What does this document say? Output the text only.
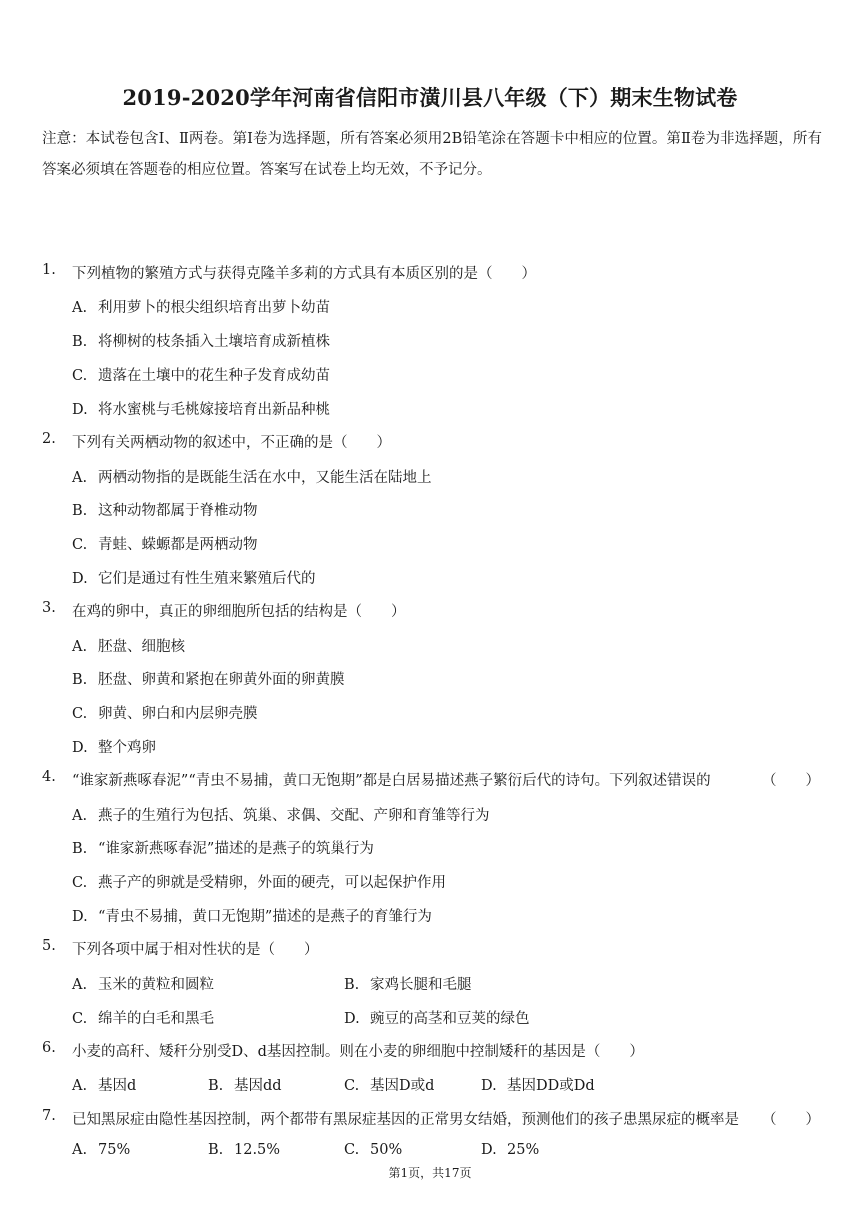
2019-2020学年河南省信阳市潢川县八年级（下）期末生物试卷
注意：本试卷包含Ⅰ、Ⅱ两卷。第Ⅰ卷为选择题，所有答案必须用2B铅笔涂在答题卡中相应的位置。第Ⅱ卷为非选择题，所有答案必须填在答题卷的相应位置。答案写在试卷上均无效，不予记分。
1.	下列植物的繁殖方式与获得克隆羊多莉的方式具有本质区别的是（　　）
A. 利用萝卜的根尖组织培育出萝卜幼苗
B. 将柳树的枝条插入土壤培育成新植株
C. 遗落在土壤中的花生种子发育成幼苗
D. 将水蜜桃与毛桃嫁接培育出新品种桃
2.	下列有关两栖动物的叙述中，不正确的是（　　）
A. 两栖动物指的是既能生活在水中，又能生活在陆地上
B. 这种动物都属于脊椎动物
C. 青蛙、蝾螈都是两栖动物
D. 它们是通过有性生殖来繁殖后代的
3.	在鸡的卵中，真正的卵细胞所包括的结构是（　　）
A. 胚盘、细胞核
B. 胚盘、卵黄和紧抱在卵黄外面的卵黄膜
C. 卵黄、卵白和内层卵壳膜
D. 整个鸡卵
4.	“谁家新燕啄春泥”“青虫不易捕，黄口无饱期”都是白居易描述燕子繁衍后代的诗句。下列叙述错误的	（　　）
A. 燕子的生殖行为包括、筑巢、求偶、交配、产卵和育雏等行为
B. “谁家新燕啄春泥”描述的是燕子的筑巢行为
C. 燕子产的卵就是受精卵，外面的硬壳，可以起保护作用
D. “青虫不易捕，黄口无饱期”描述的是燕子的育雏行为
5.	下列各项中属于相对性状的是（　　）
A. 玉米的黄粒和圆粒	B. 家鸡长腿和毛腿
C. 绵羊的白毛和黑毛	D. 豌豆的高茎和豆荚的绿色
6.	小麦的高秆、矮秆分别受D、d基因控制。则在小麦的卵细胞中控制矮秆的基因是（　　）
A. 基因d	B. 基因dd	C. 基因D或d	D. 基因DD或Dd
7.	已知黑尿症由隐性基因控制，两个都带有黑尿症基因的正常男女结婚，预测他们的孩子患黑尿症的概率是 （　　）
A. 75%	B. 12.5%	C. 50%	D. 25%
第1页，共17页
